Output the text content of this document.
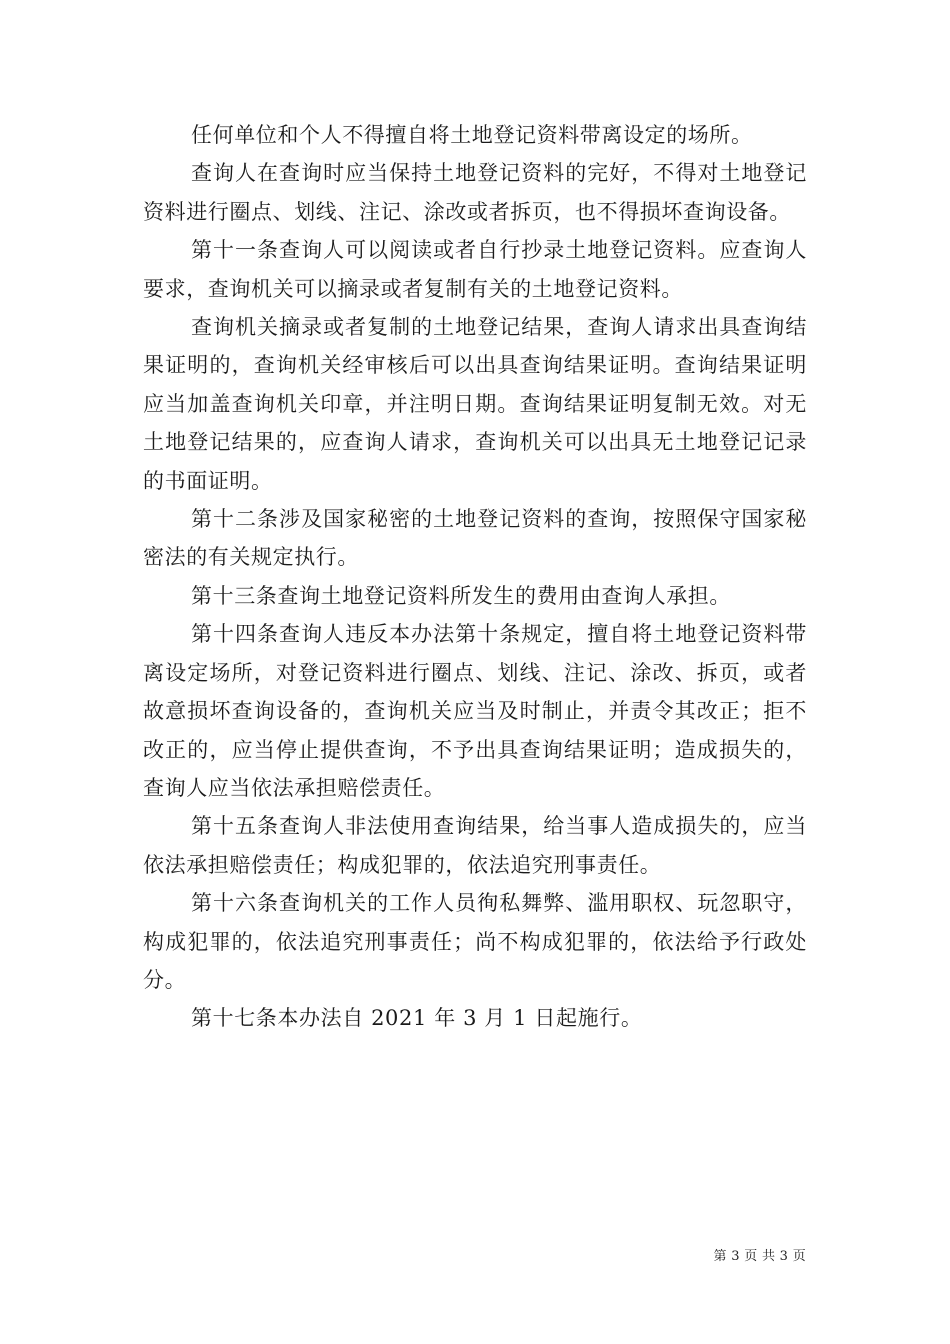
任何单位和个人不得擅自将土地登记资料带离设定的场所。

查询人在查询时应当保持土地登记资料的完好，不得对土地登记资料进行圈点、划线、注记、涂改或者拆页，也不得损坏查询设备。

第十一条查询人可以阅读或者自行抄录土地登记资料。应查询人要求，查询机关可以摘录或者复制有关的土地登记资料。

查询机关摘录或者复制的土地登记结果，查询人请求出具查询结果证明的，查询机关经审核后可以出具查询结果证明。查询结果证明应当加盖查询机关印章，并注明日期。查询结果证明复制无效。对无土地登记结果的，应查询人请求，查询机关可以出具无土地登记记录的书面证明。

第十二条涉及国家秘密的土地登记资料的查询，按照保守国家秘密法的有关规定执行。

第十三条查询土地登记资料所发生的费用由查询人承担。

第十四条查询人违反本办法第十条规定，擅自将土地登记资料带离设定场所，对登记资料进行圈点、划线、注记、涂改、拆页，或者故意损坏查询设备的，查询机关应当及时制止，并责令其改正；拒不改正的，应当停止提供查询，不予出具查询结果证明；造成损失的，查询人应当依法承担赔偿责任。

第十五条查询人非法使用查询结果，给当事人造成损失的，应当依法承担赔偿责任；构成犯罪的，依法追究刑事责任。

第十六条查询机关的工作人员徇私舞弊、滥用职权、玩忽职守，构成犯罪的，依法追究刑事责任；尚不构成犯罪的，依法给予行政处分。

第十七条本办法自 2021 年 3 月 1 日起施行。

第 3 页 共 3 页
